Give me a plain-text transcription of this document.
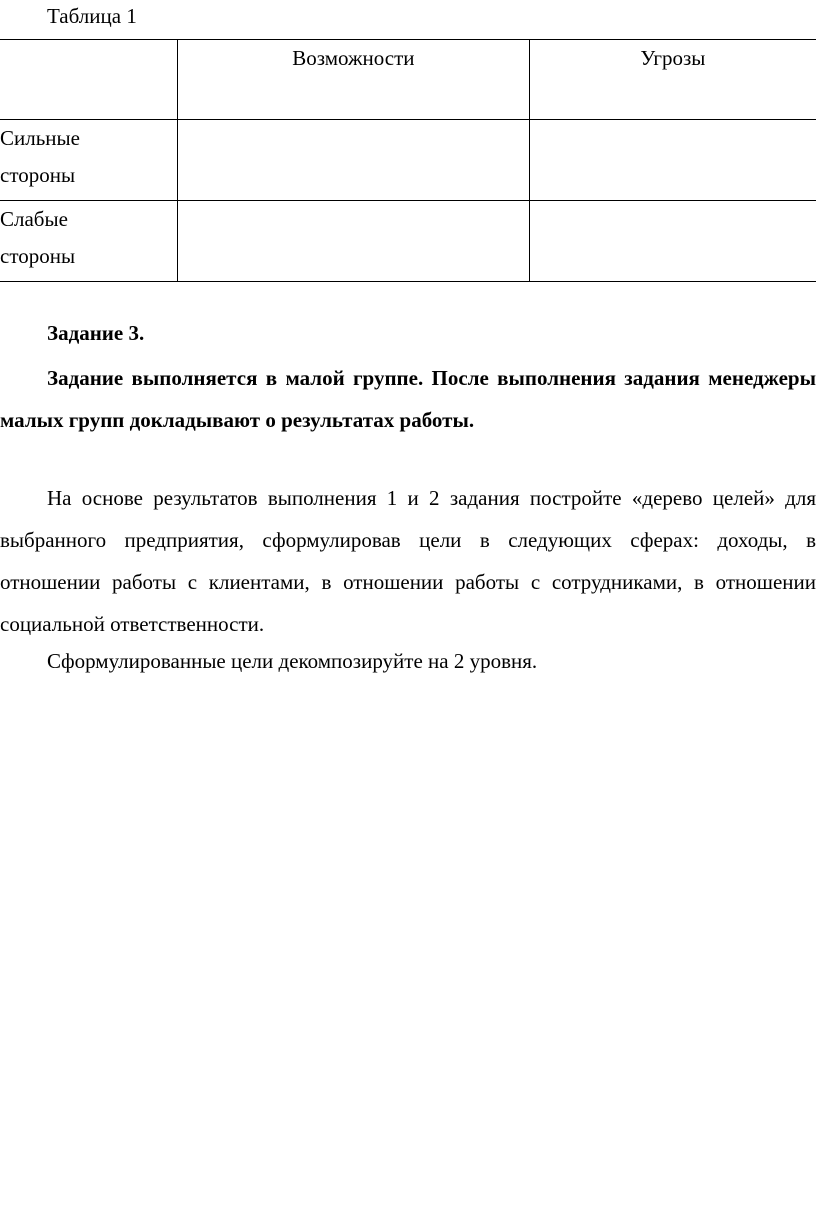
Таблица 1

	Возможности	Угрозы

Сильные
стороны		

Слабые
стороны		

Задание 3.
Задание выполняется в малой группе. После выполнения задания менеджеры малых групп докладывают о результатах работы.
На основе результатов выполнения 1 и 2 задания постройте «дерево целей» для выбранного предприятия, сформулировав цели в следующих сферах: доходы, в отношении работы с клиентами, в отношении работы с сотрудниками, в отношении социальной ответственности.
Сформулированные цели декомпозируйте на 2 уровня.
